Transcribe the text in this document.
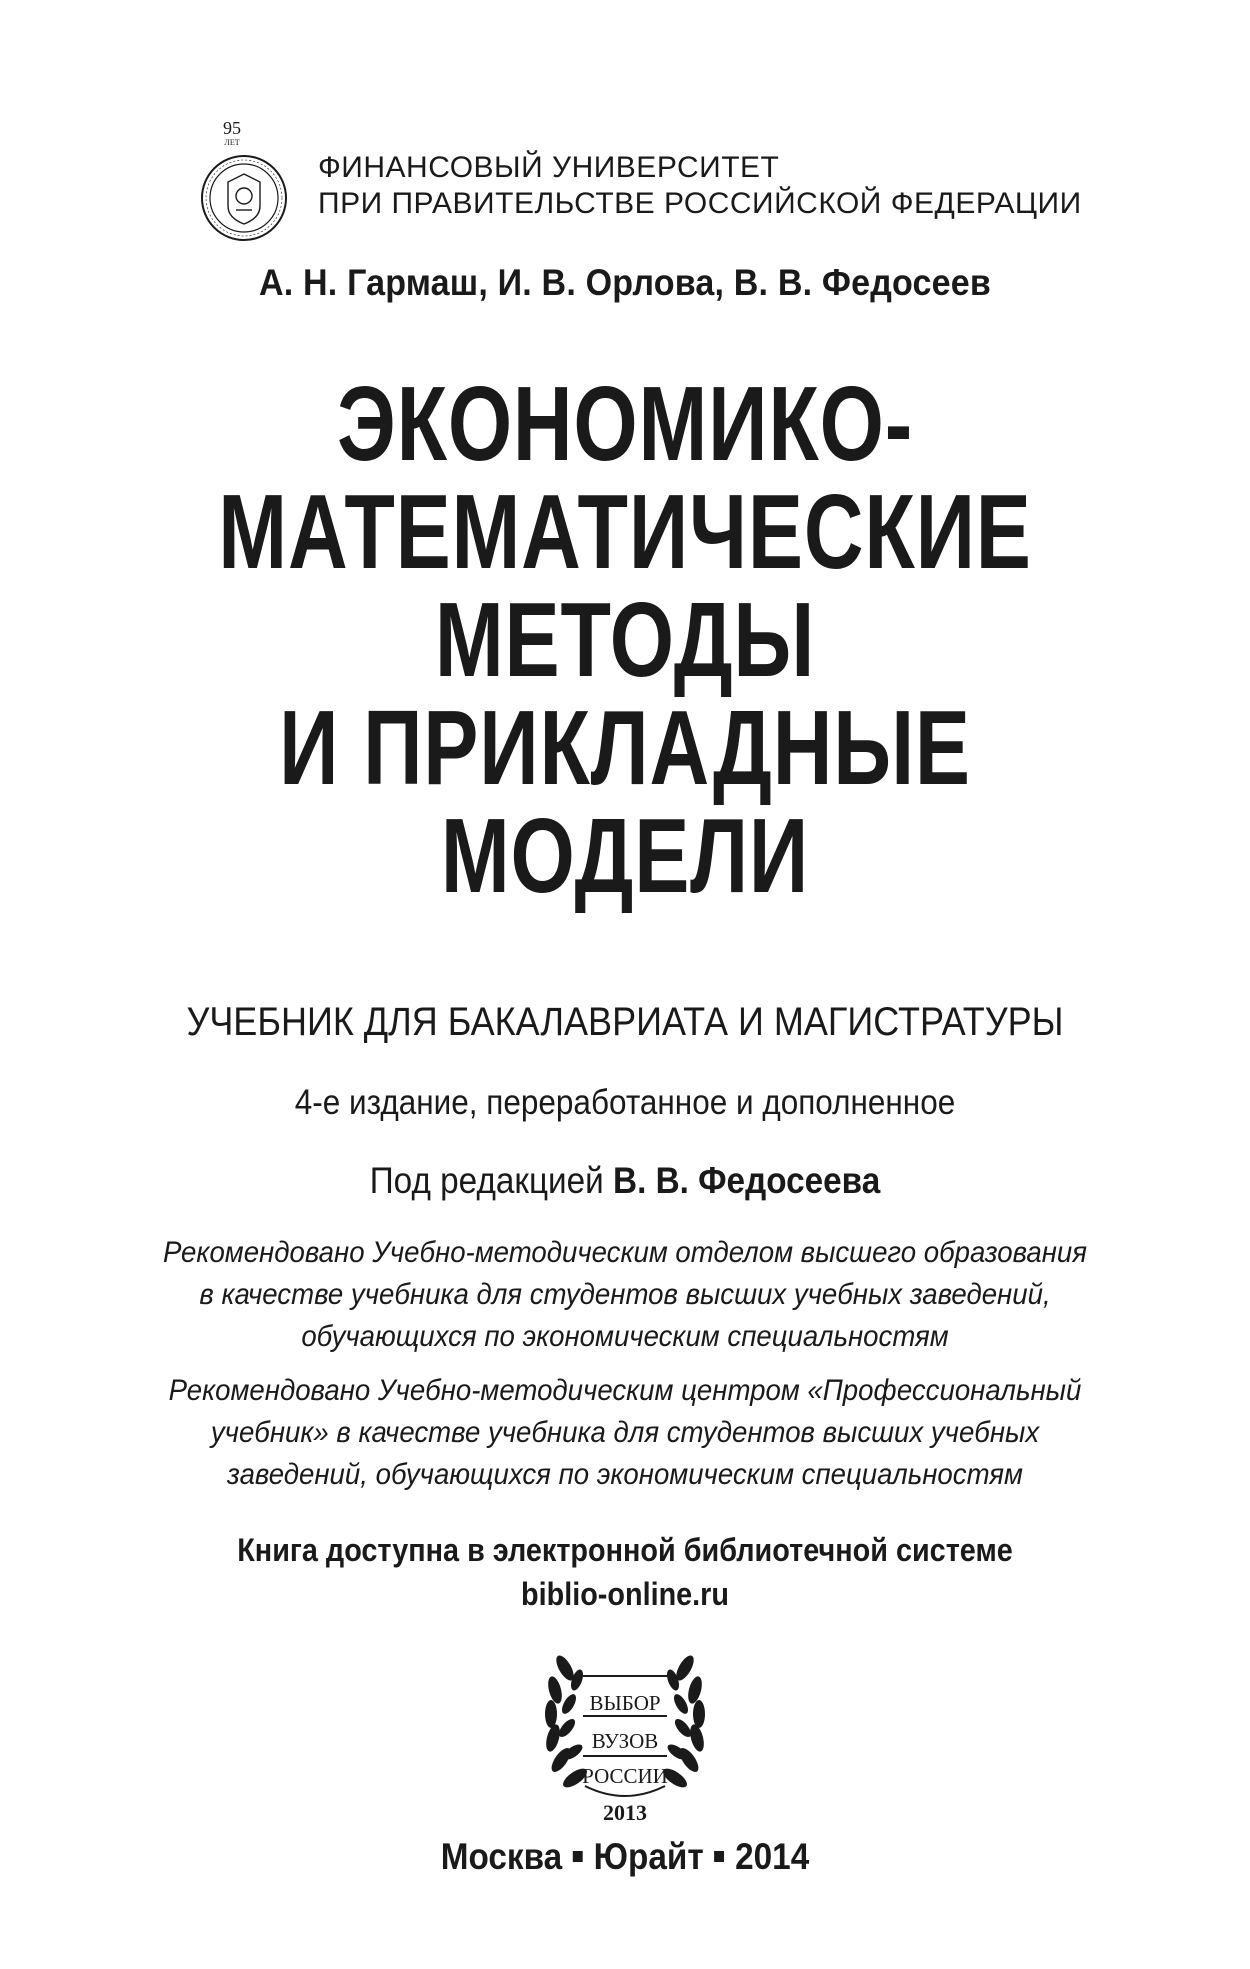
95
ЛЕТ
ФИНАНСОВЫЙ УНИВЕРСИТЕТ
ПРИ ПРАВИТЕЛЬСТВЕ РОССИЙСКОЙ ФЕДЕРАЦИИ
А. Н. Гармаш, И. В. Орлова, В. В. Федосеев
ЭКОНОМИКО-
МАТЕМАТИЧЕСКИЕ
МЕТОДЫ
И ПРИКЛАДНЫЕ
МОДЕЛИ
УЧЕБНИК ДЛЯ БАКАЛАВРИАТА И МАГИСТРАТУРЫ
4-е издание, переработанное и дополненное
Под редакцией В. В. Федосеева
Рекомендовано Учебно-методическим отделом высшего образования
в качестве учебника для студентов высших учебных заведений,
обучающихся по экономическим специальностям
Рекомендовано Учебно-методическим центром «Профессиональный
учебник» в качестве учебника для студентов высших учебных
заведений, обучающихся по экономическим специальностям
Книга доступна в электронной библиотечной системе
biblio-online.ru
ВЫБОР
ВУЗОВ
РОССИИ
2013
Москва Юрайт 2014
